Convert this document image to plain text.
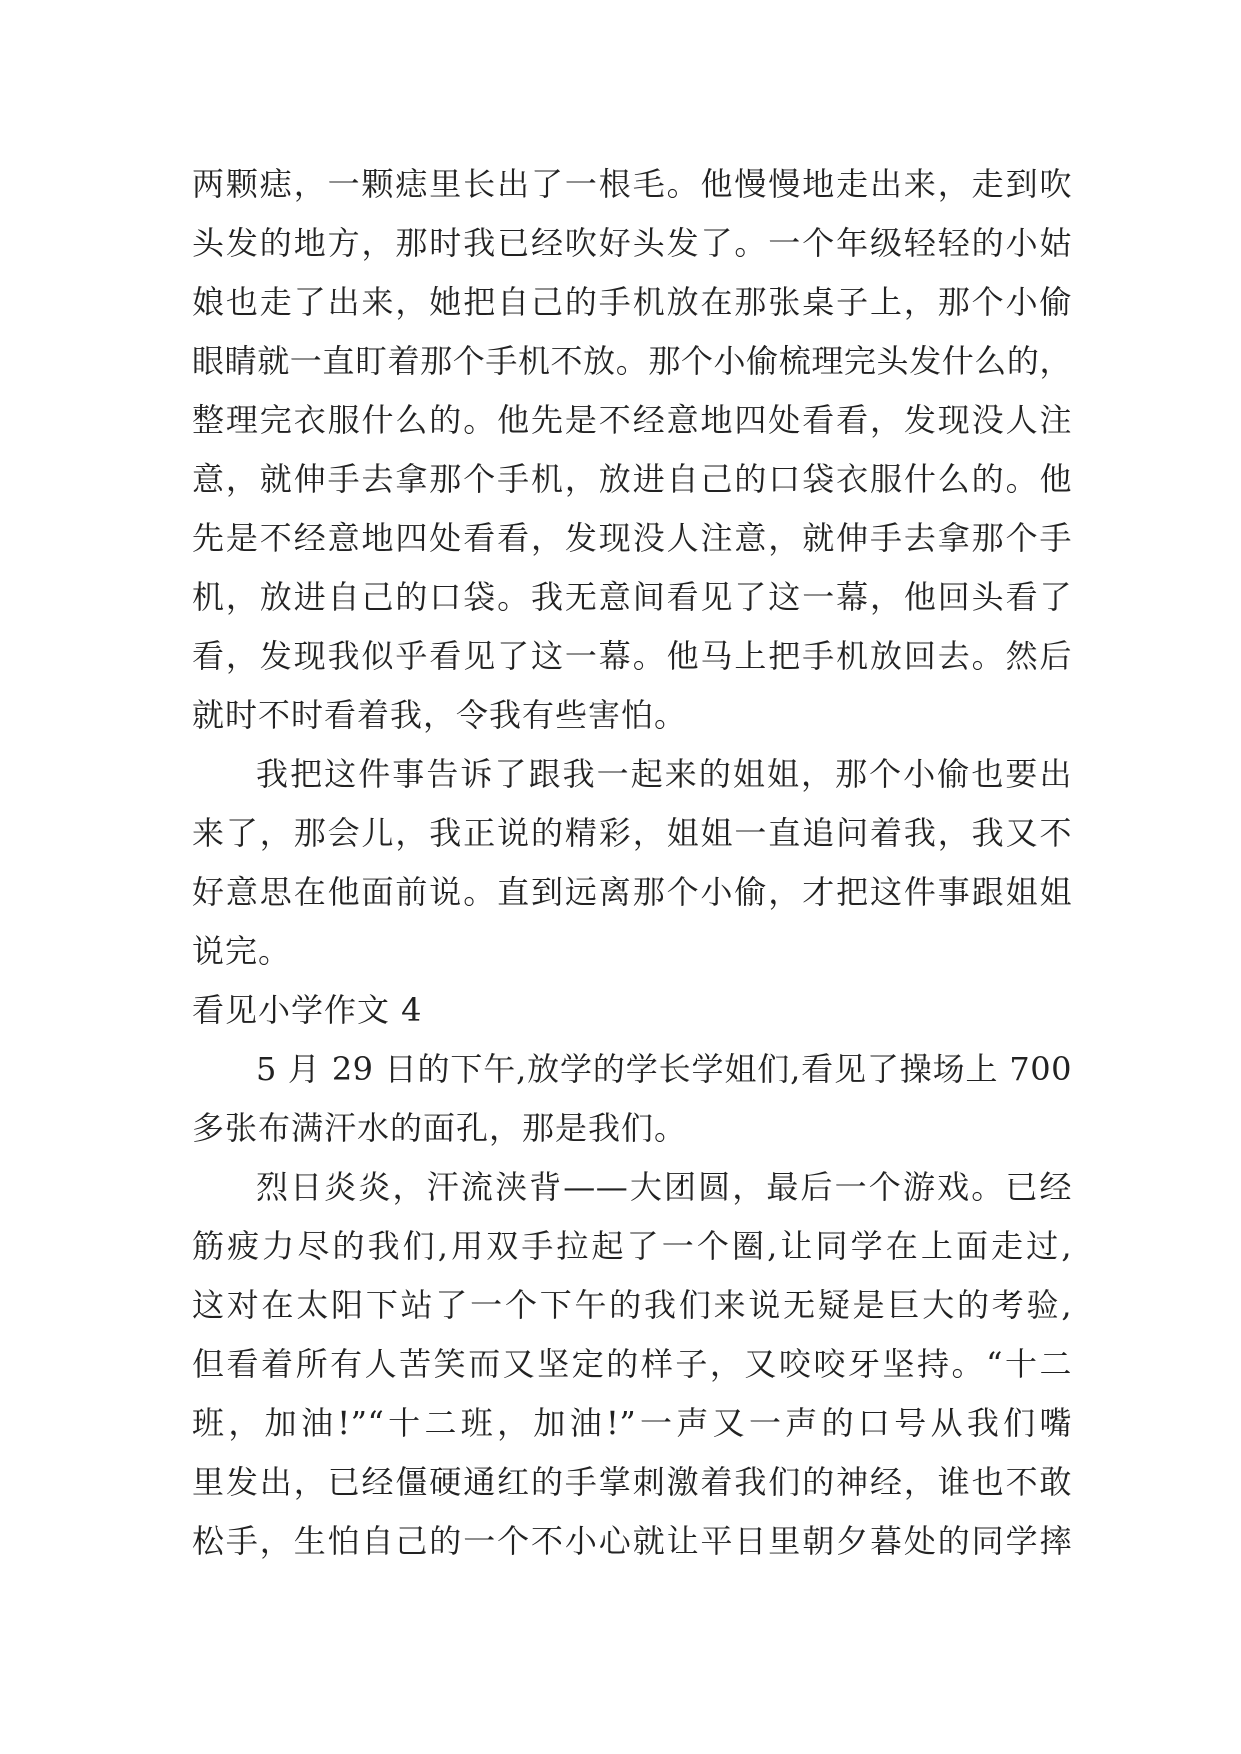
两颗痣，一颗痣里长出了一根毛。他慢慢地走出来，走到吹
头发的地方，那时我已经吹好头发了。一个年级轻轻的小姑
娘也走了出来，她把自己的手机放在那张桌子上，那个小偷
眼睛就一直盯着那个手机不放。那个小偷梳理完头发什么的，
整理完衣服什么的。他先是不经意地四处看看，发现没人注
意，就伸手去拿那个手机，放进自己的口袋衣服什么的。他
先是不经意地四处看看，发现没人注意，就伸手去拿那个手
机，放进自己的口袋。我无意间看见了这一幕，他回头看了
看，发现我似乎看见了这一幕。他马上把手机放回去。然后
就时不时看着我，令我有些害怕。
我把这件事告诉了跟我一起来的姐姐，那个小偷也要出
来了，那会儿，我正说的精彩，姐姐一直追问着我，我又不
好意思在他面前说。直到远离那个小偷，才把这件事跟姐姐
说完。
看见小学作文 4
5 月 29 日的下午,放学的学长学姐们,看见了操场上 700
多张布满汗水的面孔，那是我们。
烈日炎炎，汗流浃背——大团圆，最后一个游戏。已经
筋疲力尽的我们,用双手拉起了一个圈,让同学在上面走过,
这对在太阳下站了一个下午的我们来说无疑是巨大的考验,
但看着所有人苦笑而又坚定的样子，又咬咬牙坚持。“十二
班，加油!”“十二班，加油!”一声又一声的口号从我们嘴
里发出，已经僵硬通红的手掌刺激着我们的神经，谁也不敢
松手，生怕自己的一个不小心就让平日里朝夕暮处的同学摔
